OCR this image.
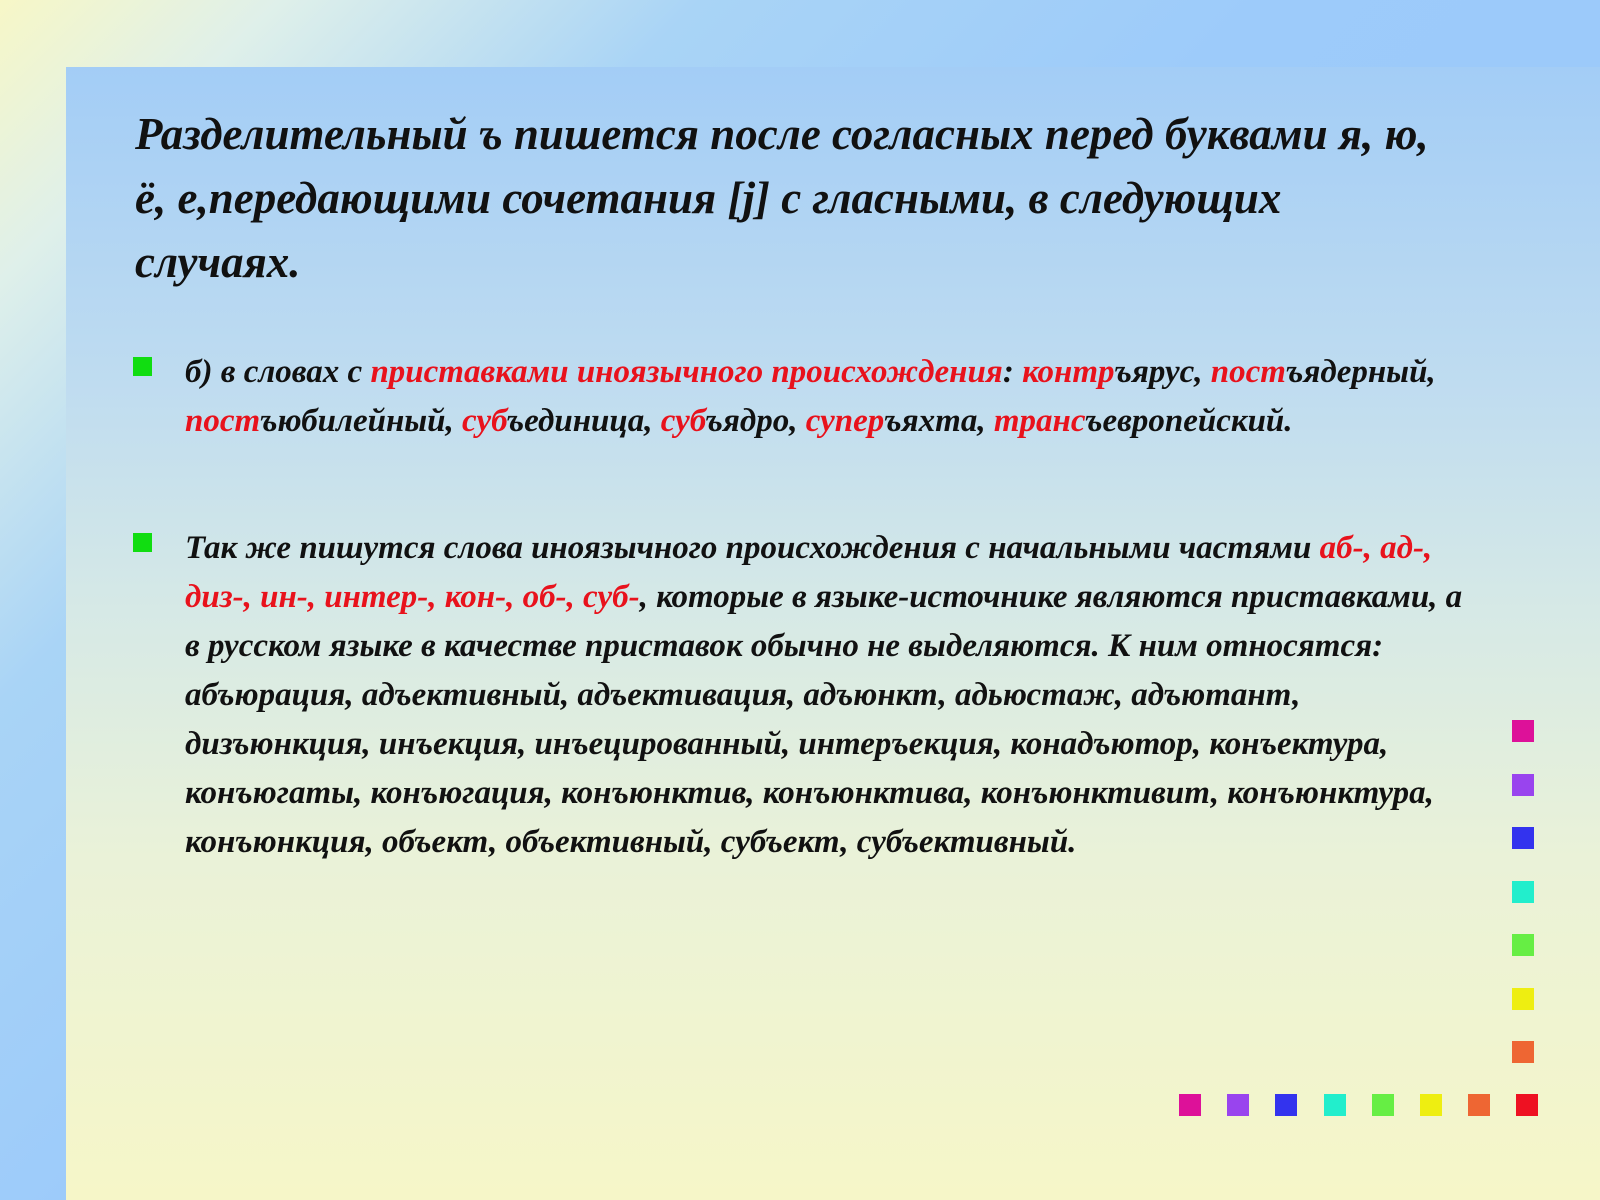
Разделительный ъ пишется после согласных перед буквами я, ю, ё, е,передающими сочетания [j] с гласными, в следующих случаях.
б) в словах с приставками иноязычного происхождения: контръярус, постъядерный, постъюбилейный, субъединица, субъядро, суперъяхта, трансъевропейский.
Так же пишутся слова иноязычного происхождения с начальными частями аб-, ад-, диз-, ин-, интер-, кон-, об-, суб-, которые в языке-источнике являются приставками, а в русском языке в качестве приставок обычно не выделяются. К ним относятся: абъюрация, адъективный, адъективация, адъюнкт, адьюстаж, адъютант, дизъюнкция, инъекция, инъецированный, интеръекция, конадъютор, конъектура, конъюгаты, конъюгация, конъюнктив, конъюнктива, конъюнктивит, конъюнктура, конъюнкция, объект, объективный, субъект, субъективный.
